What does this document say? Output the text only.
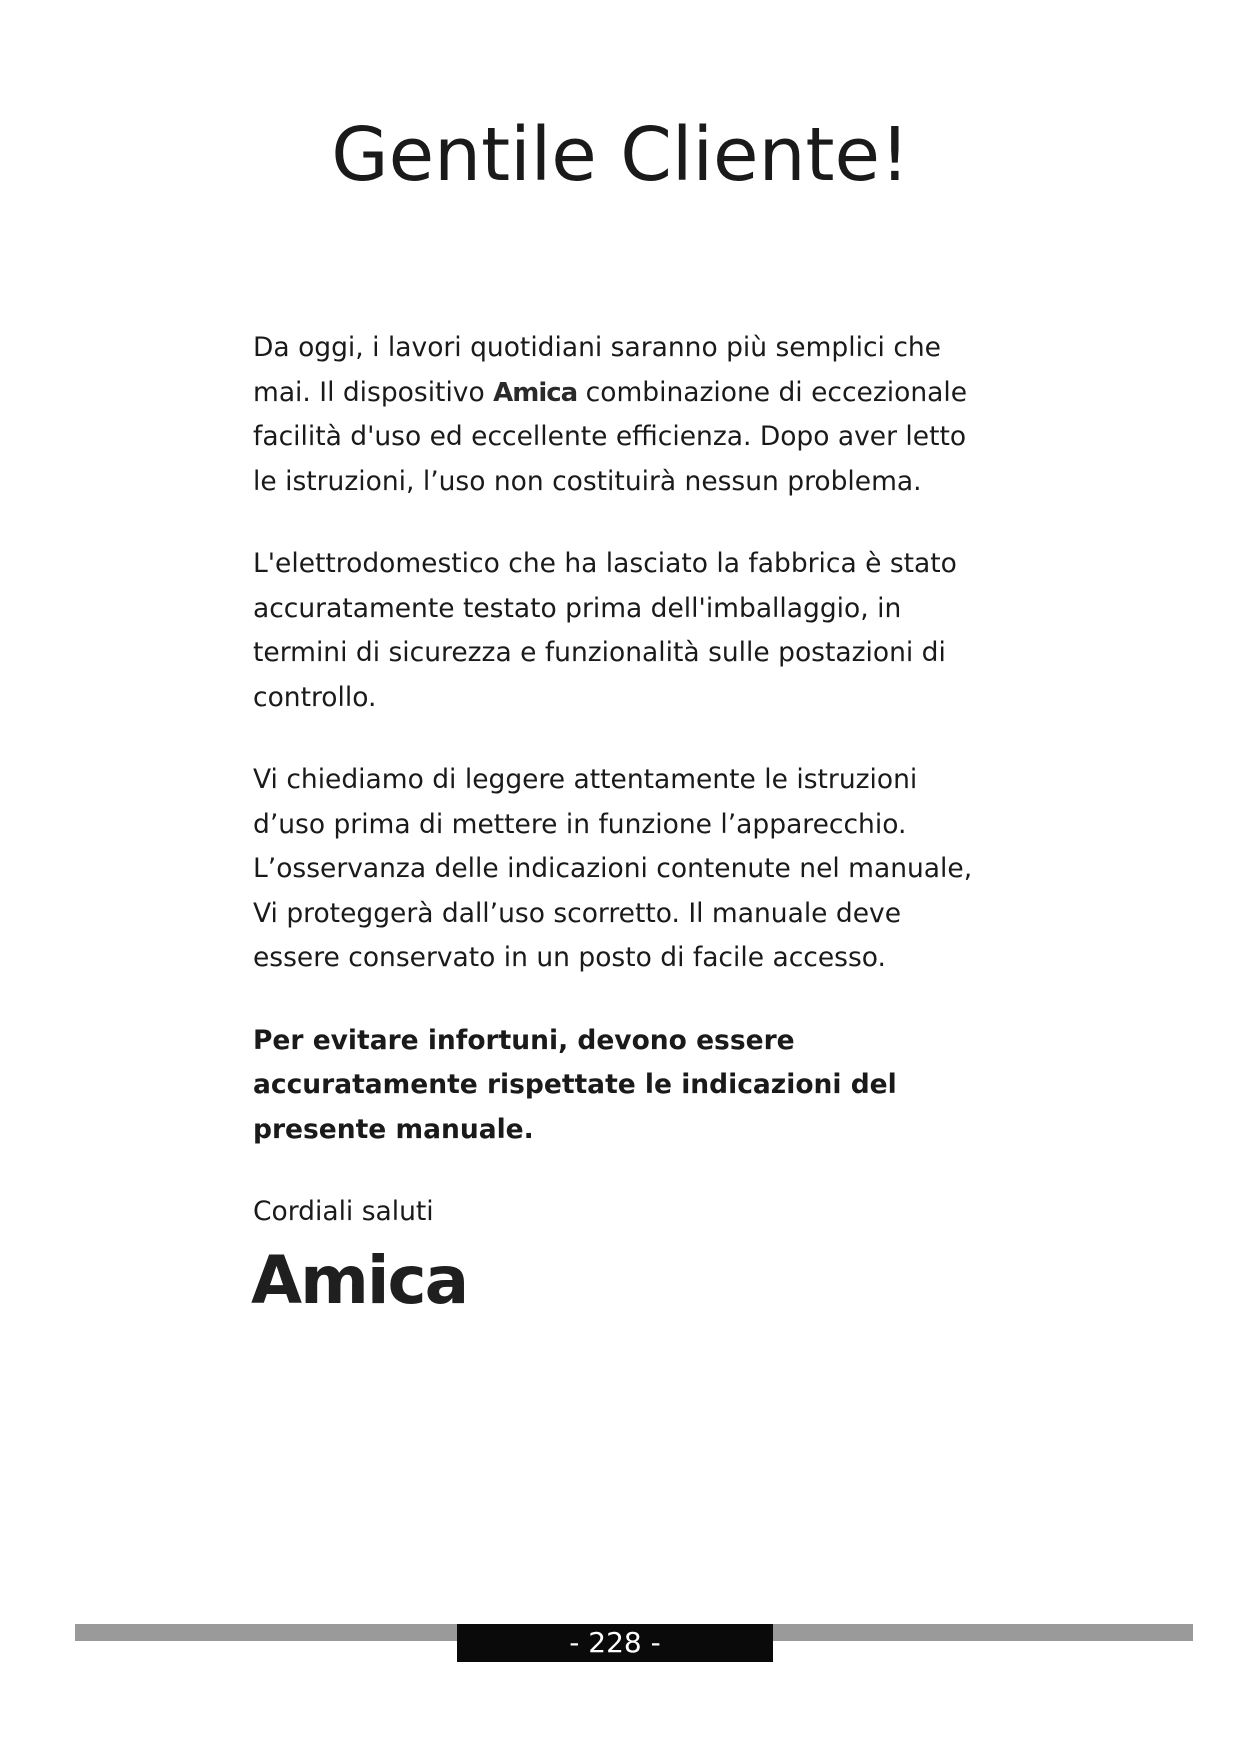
Gentile Cliente!

Da oggi, i lavori quotidiani saranno più semplici che mai. Il dispositivo Amica combinazione di eccezionale facilità d'uso ed eccellente efficienza. Dopo aver letto le istruzioni, l’uso non costituirà nessun problema.

L'elettrodomestico che ha lasciato la fabbrica è stato accuratamente testato prima dell'imballaggio, in termini di sicurezza e funzionalità sulle postazioni di controllo.

Vi chiediamo di leggere attentamente le istruzioni d’uso prima di mettere in funzione l’apparecchio. L’osservanza delle indicazioni contenute nel manuale, Vi proteggerà dall’uso scorretto. Il manuale deve essere conservato in un posto di facile accesso.

Per evitare infortuni, devono essere accuratamente rispettate le indicazioni del presente manuale.

Cordiali saluti

Amica
- 228 -
